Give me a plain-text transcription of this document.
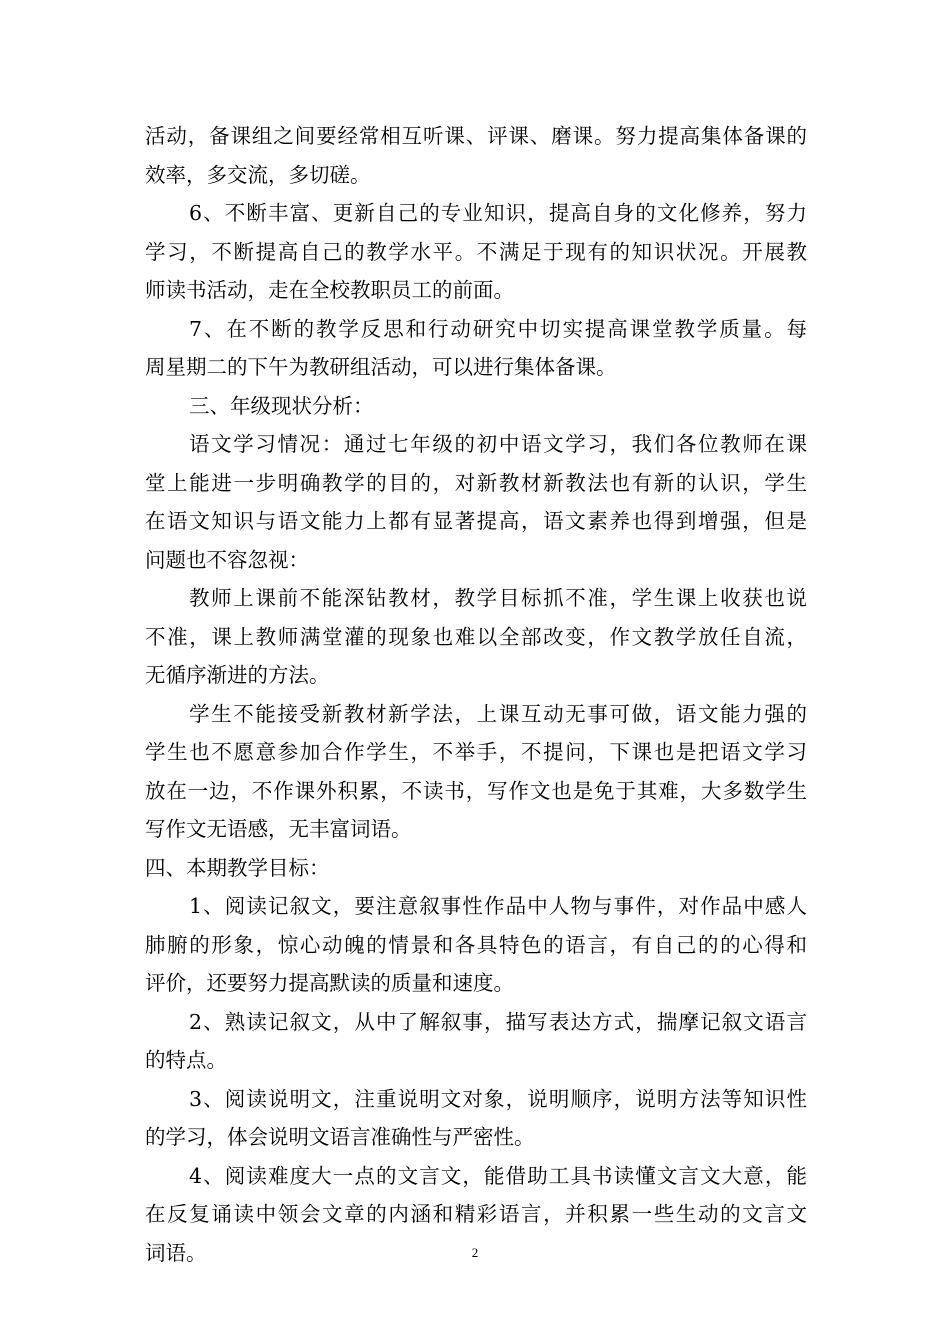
活动，备课组之间要经常相互听课、评课、磨课。努力提高集体备课的
效率，多交流，多切磋。
6、不断丰富、更新自己的专业知识，提高自身的文化修养，努力
学习，不断提高自己的教学水平。不满足于现有的知识状况。开展教
师读书活动，走在全校教职员工的前面。
7、在不断的教学反思和行动研究中切实提高课堂教学质量。每
周星期二的下午为教研组活动，可以进行集体备课。
三、年级现状分析：
语文学习情况：通过七年级的初中语文学习，我们各位教师在课
堂上能进一步明确教学的目的，对新教材新教法也有新的认识，学生
在语文知识与语文能力上都有显著提高，语文素养也得到增强，但是
问题也不容忽视：
教师上课前不能深钻教材，教学目标抓不准，学生课上收获也说
不准，课上教师满堂灌的现象也难以全部改变，作文教学放任自流，
无循序渐进的方法。
学生不能接受新教材新学法，上课互动无事可做，语文能力强的
学生也不愿意参加合作学生，不举手，不提问，下课也是把语文学习
放在一边，不作课外积累，不读书，写作文也是免于其难，大多数学生
写作文无语感，无丰富词语。
四、本期教学目标：
1、阅读记叙文，要注意叙事性作品中人物与事件，对作品中感人
肺腑的形象，惊心动魄的情景和各具特色的语言，有自己的的心得和
评价，还要努力提高默读的质量和速度。
2、熟读记叙文，从中了解叙事，描写表达方式，揣摩记叙文语言
的特点。
3、阅读说明文，注重说明文对象，说明顺序，说明方法等知识性
的学习，体会说明文语言准确性与严密性。
4、阅读难度大一点的文言文，能借助工具书读懂文言文大意，能
在反复诵读中领会文章的内涵和精彩语言，并积累一些生动的文言文
词语。	2
